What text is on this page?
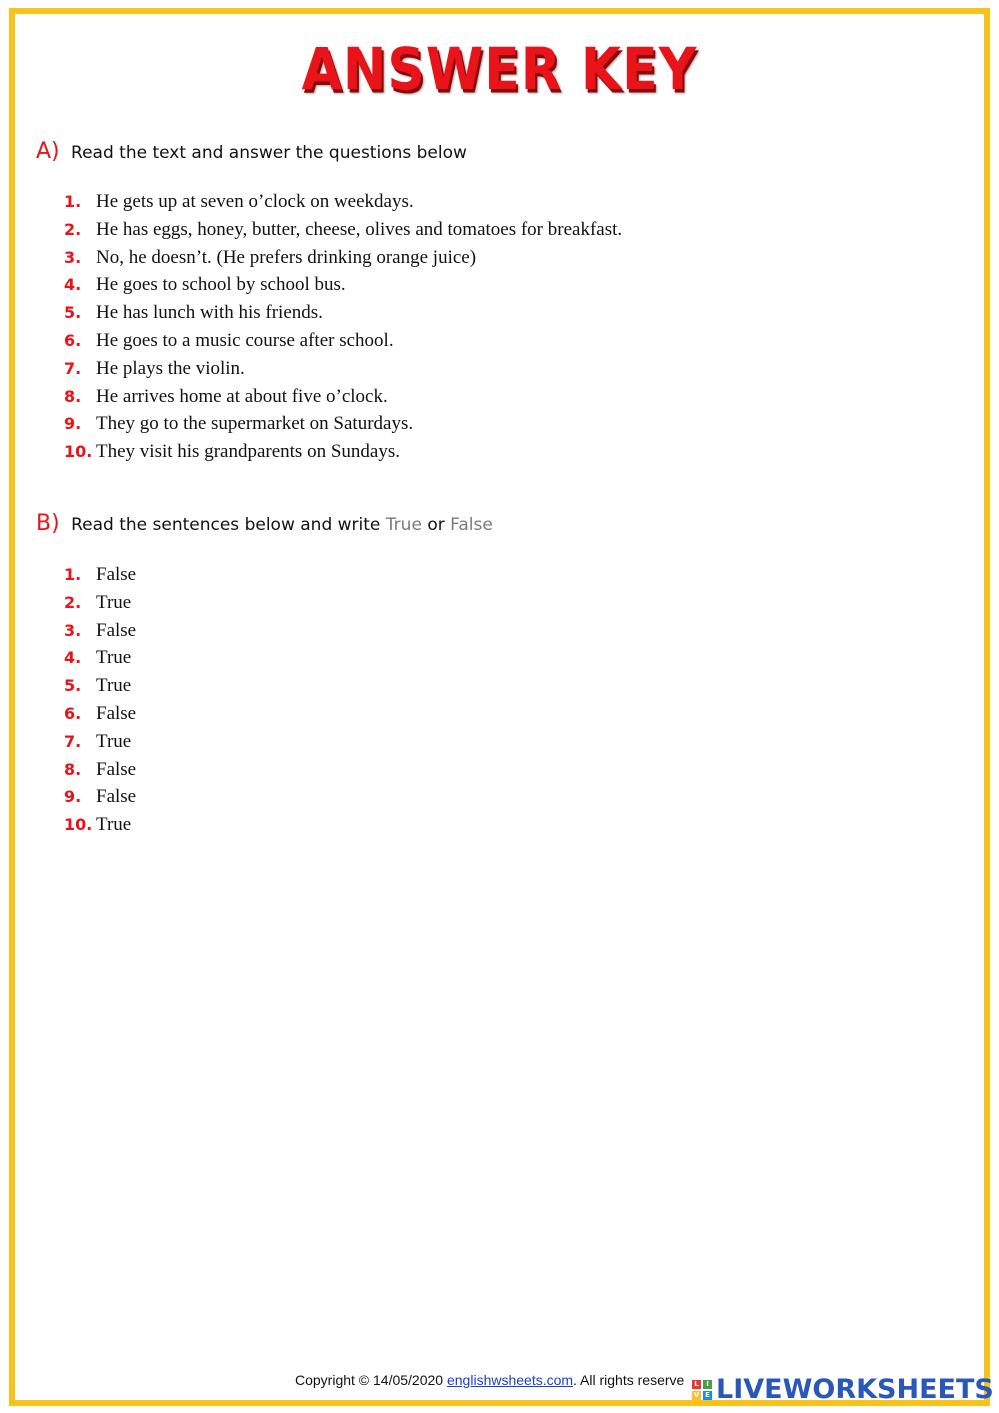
ANSWER KEY
A) Read the text and answer the questions below
1. He gets up at seven o’clock on weekdays.
2. He has eggs, honey, butter, cheese, olives and tomatoes for breakfast.
3. No, he doesn’t. (He prefers drinking orange juice)
4. He goes to school by school bus.
5. He has lunch with his friends.
6. He goes to a music course after school.
7. He plays the violin.
8. He arrives home at about five o’clock.
9. They go to the supermarket on Saturdays.
10. They visit his grandparents on Sundays.
B) Read the sentences below and write True or False
1. False
2. True
3. False
4. True
5. True
6. False
7. True
8. False
9. False
10. True
Copyright © 14/05/2020 englishwsheets.com. All rights reserve	L	I
V E LIVEWORKSHEETS
